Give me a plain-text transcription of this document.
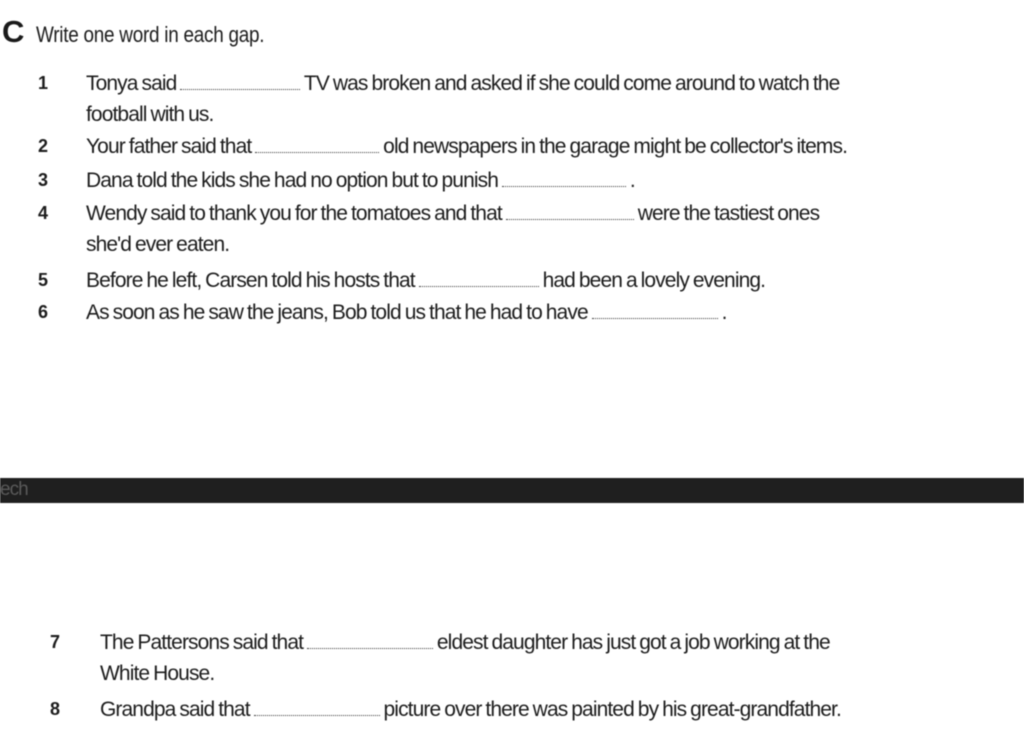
C Write one word in each gap.
1	Tonya said	TV was broken and asked if she could come around to watch the
football with us.
2	Your father said that	old newspapers in the garage might be collector's items.
3	Dana told the kids she had no option but to punish	.
4	Wendy said to thank you for the tomatoes and that	were the tastiest ones
she'd ever eaten.
5	Before he left, Carsen told his hosts that	had been a lovely evening.
6	As soon as he saw the jeans, Bob told us that he had to have	.
ech
7	The Pattersons said that	eldest daughter has just got a job working at the
White House.
8	Grandpa said that	picture over there was painted by his great-grandfather.
